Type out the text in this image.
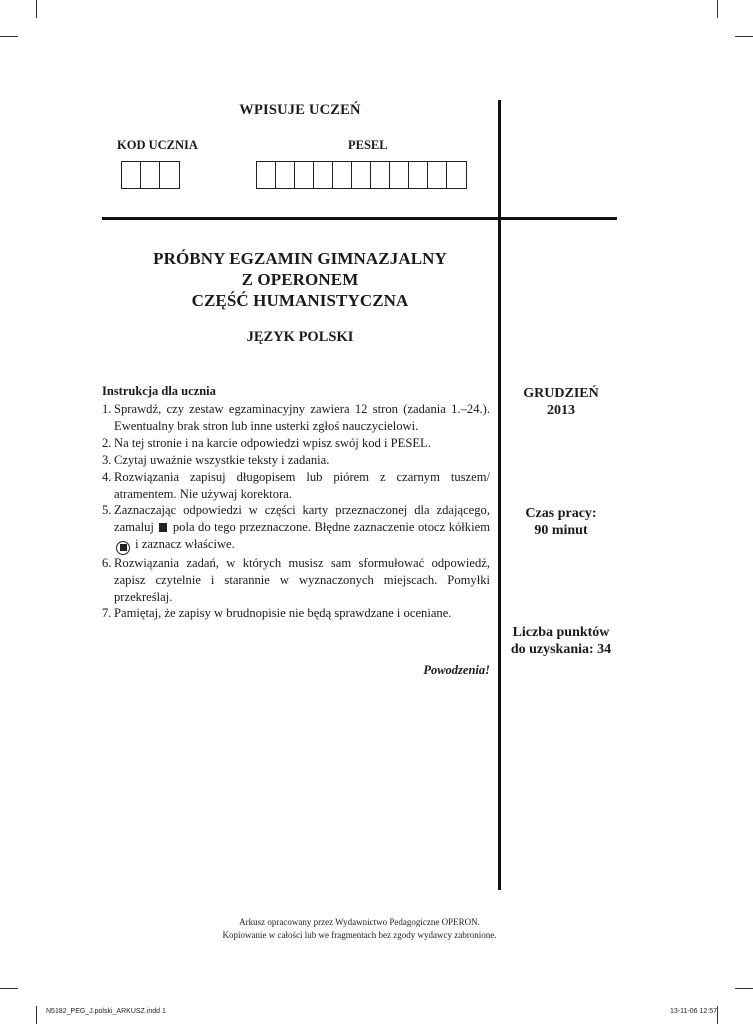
WPISUJE UCZEŃ
KOD UCZNIA	PESEL
PRÓBNY EGZAMIN GIMNAZJALNY
Z OPERONEM
CZĘŚĆ HUMANISTYCZNA
JĘZYK POLSKI
Instrukcja dla ucznia
1. Sprawdź, czy zestaw egzaminacyjny zawiera 12 stron (zadania 1.–24.). Ewentualny brak stron lub inne usterki zgłoś nauczycielowi.
2. Na tej stronie i na karcie odpowiedzi wpisz swój kod i PESEL.
3. Czytaj uważnie wszystkie teksty i zadania.
4. Rozwiązania zapisuj długopisem lub piórem z czarnym tuszem/ atramentem. Nie używaj korektora.
5. Zaznaczając odpowiedzi w części karty przeznaczonej dla zdającego, zamaluj pola do tego przeznaczone. Błędne zaznaczenie otocz kółkiem
i zaznacz właściwe.
6. Rozwiązania zadań, w których musisz sam sformułować odpowiedź, zapisz czytelnie i starannie w wyznaczonych miejscach. Pomyłki przekreślaj.
7. Pamiętaj, że zapisy w brudnopisie nie będą sprawdzane i oceniane.
Powodzenia!
GRUDZIEŃ
2013
Czas pracy:
90 minut
Liczba punktów
do uzyskania: 34
Arkusz opracowany przez Wydawnictwo Pedagogiczne OPERON.
Kopiowanie w całości lub we fragmentach bez zgody wydawcy zabronione.
N5182_PEG_J.polski_ARKUSZ.indd 1	13-11-06 12:57
